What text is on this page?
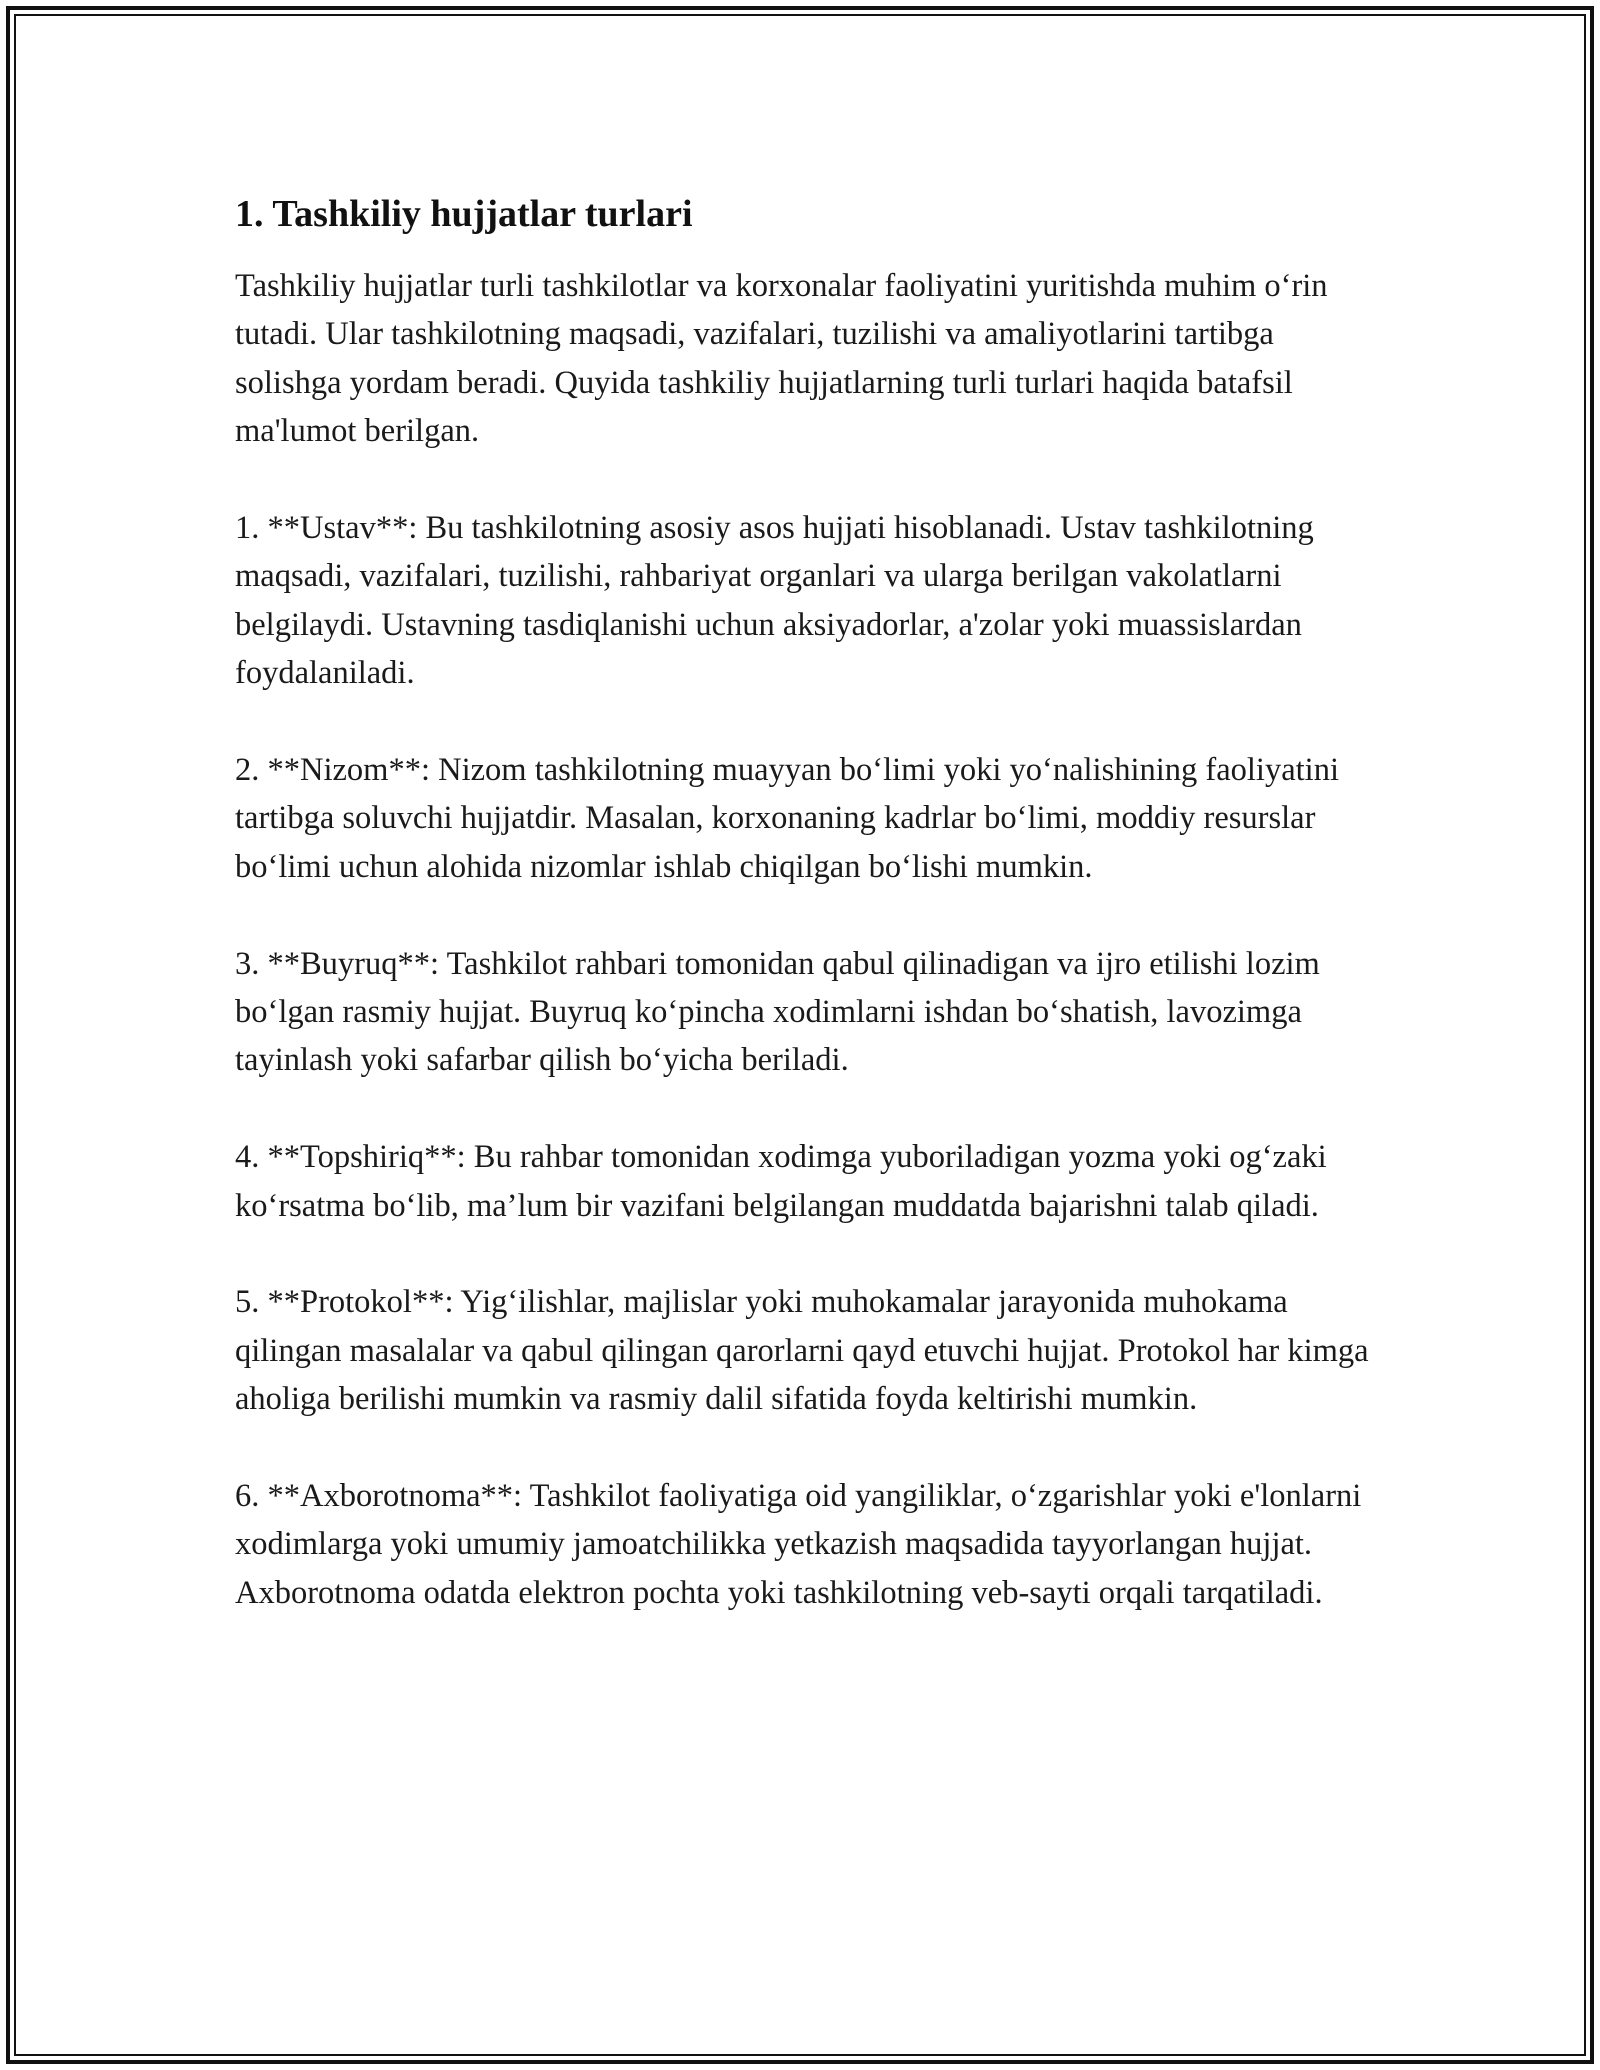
1. Tashkiliy hujjatlar turlari

Tashkiliy hujjatlar turli tashkilotlar va korxonalar faoliyatini yuritishda muhim o‘rin tutadi. Ular tashkilotning maqsadi, vazifalari, tuzilishi va amaliyotlarini tartibga solishga yordam beradi. Quyida tashkiliy hujjatlarning turli turlari haqida batafsil ma'lumot berilgan.

1. **Ustav**: Bu tashkilotning asosiy asos hujjati hisoblanadi. Ustav tashkilotning maqsadi, vazifalari, tuzilishi, rahbariyat organlari va ularga berilgan vakolatlarni belgilaydi. Ustavning tasdiqlanishi uchun aksiyadorlar, a'zolar yoki muassislardan foydalaniladi.

2. **Nizom**: Nizom tashkilotning muayyan bo‘limi yoki yo‘nalishining faoliyatini tartibga soluvchi hujjatdir. Masalan, korxonaning kadrlar bo‘limi, moddiy resurslar bo‘limi uchun alohida nizomlar ishlab chiqilgan bo‘lishi mumkin.

3. **Buyruq**: Tashkilot rahbari tomonidan qabul qilinadigan va ijro etilishi lozim bo‘lgan rasmiy hujjat. Buyruq ko‘pincha xodimlarni ishdan bo‘shatish, lavozimga tayinlash yoki safarbar qilish bo‘yicha beriladi.

4. **Topshiriq**: Bu rahbar tomonidan xodimga yuboriladigan yozma yoki og‘zaki ko‘rsatma bo‘lib, ma’lum bir vazifani belgilangan muddatda bajarishni talab qiladi.

5. **Protokol**: Yig‘ilishlar, majlislar yoki muhokamalar jarayonida muhokama qilingan masalalar va qabul qilingan qarorlarni qayd etuvchi hujjat. Protokol har kimga aholiga berilishi mumkin va rasmiy dalil sifatida foyda keltirishi mumkin.

6. **Axborotnoma**: Tashkilot faoliyatiga oid yangiliklar, o‘zgarishlar yoki e'lonlarni xodimlarga yoki umumiy jamoatchilikka yetkazish maqsadida tayyorlangan hujjat. Axborotnoma odatda elektron pochta yoki tashkilotning veb-sayti orqali tarqatiladi.
